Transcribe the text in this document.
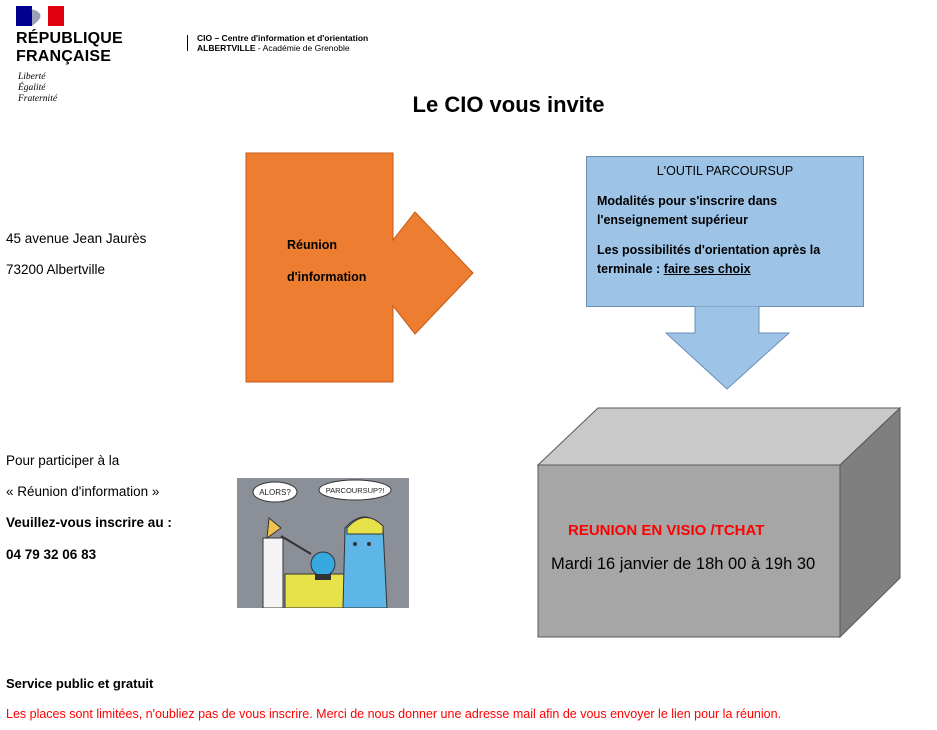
RÉPUBLIQUE
FRANÇAISE
Liberté
Égalité
Fraternité
CIO – Centre d'information et d'orientation
ALBERTVILLE - Académie de Grenoble
Le CIO vous invite
45 avenue Jean Jaurès
73200 Albertville
Réunion
d'information
L'OUTIL PARCOURSUP
Modalités pour s'inscrire dans l'enseignement supérieur
Les possibilités d'orientation après la terminale : faire ses choix
REUNION EN VISIO /TCHAT
Mardi 16 janvier de 18h 00 à 19h 30
Pour participer à la
« Réunion d'information »
Veuillez-vous inscrire au :
04 79 32 06 83
ALORS?	PARCOURSUP?!
Service public et gratuit
Les places sont limitées, n'oubliez pas de vous inscrire. Merci de nous donner une adresse mail afin de vous envoyer le lien pour la réunion.
